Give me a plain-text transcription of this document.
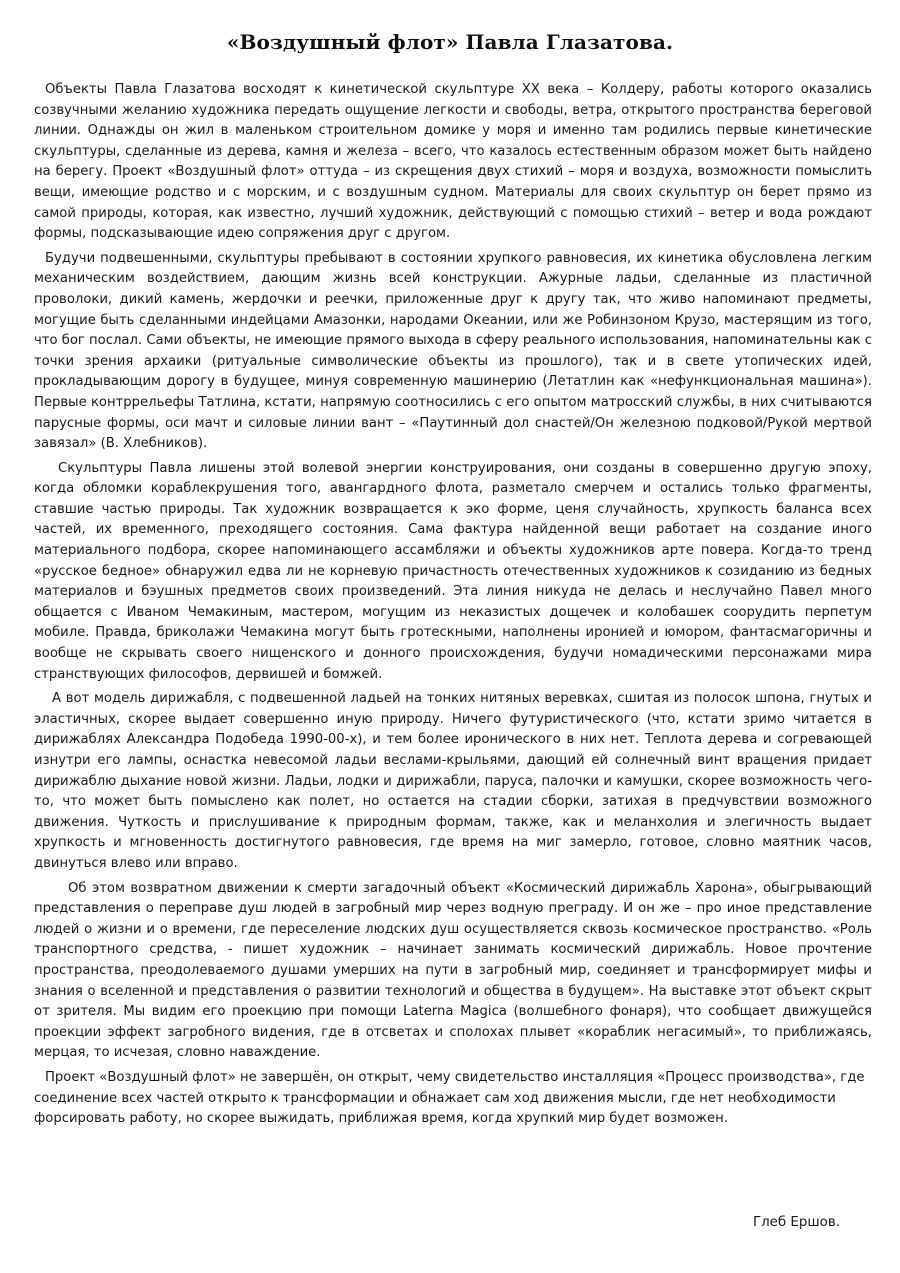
«Воздушный флот» Павла Глазатова.

Объекты Павла Глазатова восходят к кинетической скульптуре XX века – Колдеру, работы которого оказались созвучными желанию художника передать ощущение легкости и свободы, ветра, открытого пространства береговой линии. Однажды он жил в маленьком строительном домике у моря и именно там родились первые кинетические скульптуры, сделанные из дерева, камня и железа – всего, что казалось естественным образом может быть найдено на берегу. Проект «Воздушный флот» оттуда – из скрещения двух стихий – моря и воздуха, возможности помыслить вещи, имеющие родство и с морским, и с воздушным судном. Материалы для своих скульптур он берет прямо из самой природы, которая, как известно, лучший художник, действующий с помощью стихий – ветер и вода рождают формы, подсказывающие идею сопряжения друг с другом.

Будучи подвешенными, скульптуры пребывают в состоянии хрупкого равновесия, их кинетика обусловлена легким механическим воздействием, дающим жизнь всей конструкции. Ажурные ладьи, сделанные из пластичной проволоки, дикий камень, жердочки и реечки, приложенные друг к другу так, что живо напоминают предметы, могущие быть сделанными индейцами Амазонки, народами Океании, или же Робинзоном Крузо, мастерящим из того, что бог послал. Сами объекты, не имеющие прямого выхода в сферу реального использования, напоминательны как с точки зрения архаики (ритуальные символические объекты из прошлого), так и в свете утопических идей, прокладывающим дорогу в будущее, минуя современную машинерию (Летатлин как «нефункциональная машина»). Первые контррельефы Татлина, кстати, напрямую соотносились с его опытом матросский службы, в них считываются парусные формы, оси мачт и силовые линии вант – «Паутинный дол снастей/Он железною подковой/Рукой мертвой завязал» (В. Хлебников).

Скульптуры Павла лишены этой волевой энергии конструирования, они созданы в совершенно другую эпоху, когда обломки кораблекрушения того, авангардного флота, разметало смерчем и остались только фрагменты, ставшие частью природы. Так художник возвращается к эко форме, ценя случайность, хрупкость баланса всех частей, их временного, преходящего состояния. Сама фактура найденной вещи работает на создание иного материального подбора, скорее напоминающего ассамбляжи и объекты художников арте повера. Когда-то тренд «русское бедное» обнаружил едва ли не корневую причастность отечественных художников к созиданию из бедных материалов и бэушных предметов своих произведений. Эта линия никуда не делась и неслучайно Павел много общается с Иваном Чемакиным, мастером, могущим из неказистых дощечек и колобашек соорудить перпетум мобиле. Правда, бриколажи Чемакина могут быть гротескными, наполнены иронией и юмором, фантасмагоричны и вообще не скрывать своего нищенского и донного происхождения, будучи номадическими персонажами мира странствующих философов, дервишей и бомжей.

А вот модель дирижабля, с подвешенной ладьей на тонких нитяных веревках, сшитая из полосок шпона, гнутых и эластичных, скорее выдает совершенно иную природу. Ничего футуристического (что, кстати зримо читается в дирижаблях Александра Подобеда 1990-00-х), и тем более иронического в них нет. Теплота дерева и согревающей изнутри его лампы, оснастка невесомой ладьи веслами-крыльями, дающий ей солнечный винт вращения придает дирижаблю дыхание новой жизни. Ладьи, лодки и дирижабли, паруса, палочки и камушки, скорее возможность чего-то, что может быть помыслено как полет, но остается на стадии сборки, затихая в предчувствии возможного движения. Чуткость и прислушивание к природным формам, также, как и меланхолия и элегичность выдает хрупкость и мгновенность достигнутого равновесия, где время на миг замерло, готовое, словно маятник часов, двинуться влево или вправо.

Об этом возвратном движении к смерти загадочный объект «Космический дирижабль Харона», обыгрывающий представления о переправе душ людей в загробный мир через водную преграду. И он же – про иное представление людей о жизни и о времени, где переселение людских душ осуществляется сквозь космическое пространство. «Роль транспортного средства, - пишет художник – начинает занимать космический дирижабль. Новое прочтение пространства, преодолеваемого душами умерших на пути в загробный мир, соединяет и трансформирует мифы и знания о вселенной и представления о развитии технологий и общества в будущем». На выставке этот объект скрыт от зрителя. Мы видим его проекцию при помощи Laterna Magica (волшебного фонаря), что сообщает движущейся проекции эффект загробного видения, где в отсветах и сполохах плывет «кораблик негасимый», то приближаясь, мерцая, то исчезая, словно наваждение.

Проект «Воздушный флот» не завершён, он открыт, чему свидетельство инсталляция «Процесс производства», где соединение всех частей открыто к трансформации и обнажает сам ход движения мысли, где нет необходимости форсировать работу, но скорее выжидать, приближая время, когда хрупкий мир будет возможен.

Глеб Ершов.
